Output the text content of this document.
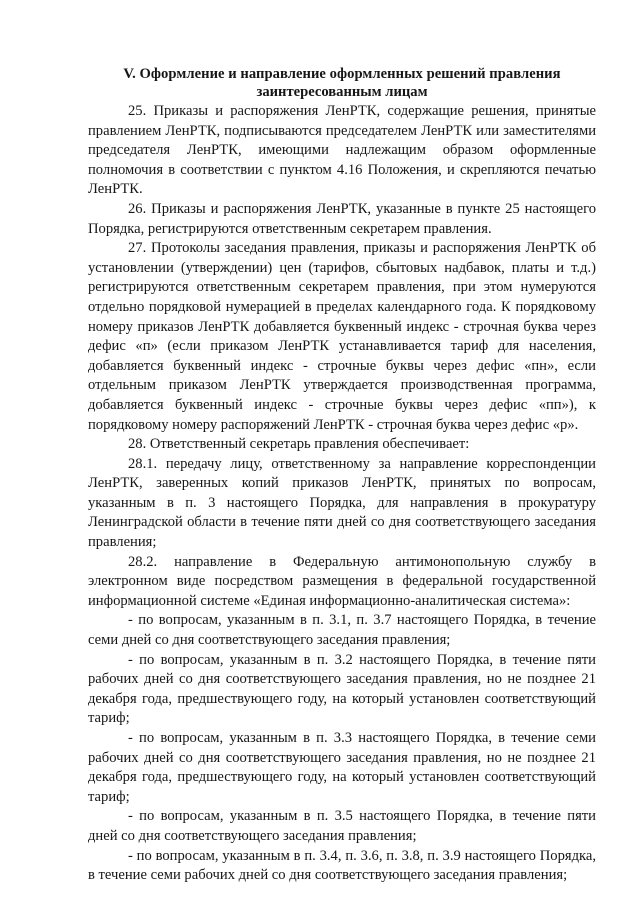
V. Оформление и направление оформленных решений правления
заинтересованным лицам

25. Приказы и распоряжения ЛенРТК, содержащие решения, принятые правлением ЛенРТК, подписываются председателем ЛенРТК или заместителями председателя ЛенРТК, имеющими надлежащим образом оформленные полномочия в соответствии с пунктом 4.16 Положения, и скрепляются печатью ЛенРТК.

26. Приказы и распоряжения ЛенРТК, указанные в пункте 25 настоящего Порядка, регистрируются ответственным секретарем правления.

27. Протоколы заседания правления, приказы и распоряжения ЛенРТК об установлении (утверждении) цен (тарифов, сбытовых надбавок, платы и т.д.) регистрируются ответственным секретарем правления, при этом нумеруются отдельно порядковой нумерацией в пределах календарного года. К порядковому номеру приказов ЛенРТК добавляется буквенный индекс - строчная буква через дефис «п» (если приказом ЛенРТК устанавливается тариф для населения, добавляется буквенный индекс - строчные буквы через дефис «пн», если отдельным приказом ЛенРТК утверждается производственная программа, добавляется буквенный индекс - строчные буквы через дефис «пп»), к порядковому номеру распоряжений ЛенРТК - строчная буква через дефис «р».

28. Ответственный секретарь правления обеспечивает:

28.1. передачу лицу, ответственному за направление корреспонденции ЛенРТК, заверенных копий приказов ЛенРТК, принятых по вопросам, указанным в п. 3 настоящего Порядка, для направления в прокуратуру Ленинградской области в течение пяти дней со дня соответствующего заседания правления;

28.2. направление в Федеральную антимонопольную службу в электронном виде посредством размещения в федеральной государственной информационной системе «Единая информационно-аналитическая система»:

- по вопросам, указанным в п. 3.1, п. 3.7 настоящего Порядка, в течение семи дней со дня соответствующего заседания правления;

- по вопросам, указанным в п. 3.2 настоящего Порядка, в течение пяти рабочих дней со дня соответствующего заседания правления, но не позднее 21 декабря года, предшествующего году, на который установлен соответствующий тариф;

- по вопросам, указанным в п. 3.3 настоящего Порядка, в течение семи рабочих дней со дня соответствующего заседания правления, но не позднее 21 декабря года, предшествующего году, на который установлен соответствующий тариф;

- по вопросам, указанным в п. 3.5 настоящего Порядка, в течение пяти дней со дня соответствующего заседания правления;

- по вопросам, указанным в п. 3.4, п. 3.6, п. 3.8, п. 3.9 настоящего Порядка, в течение семи рабочих дней со дня соответствующего заседания правления;
